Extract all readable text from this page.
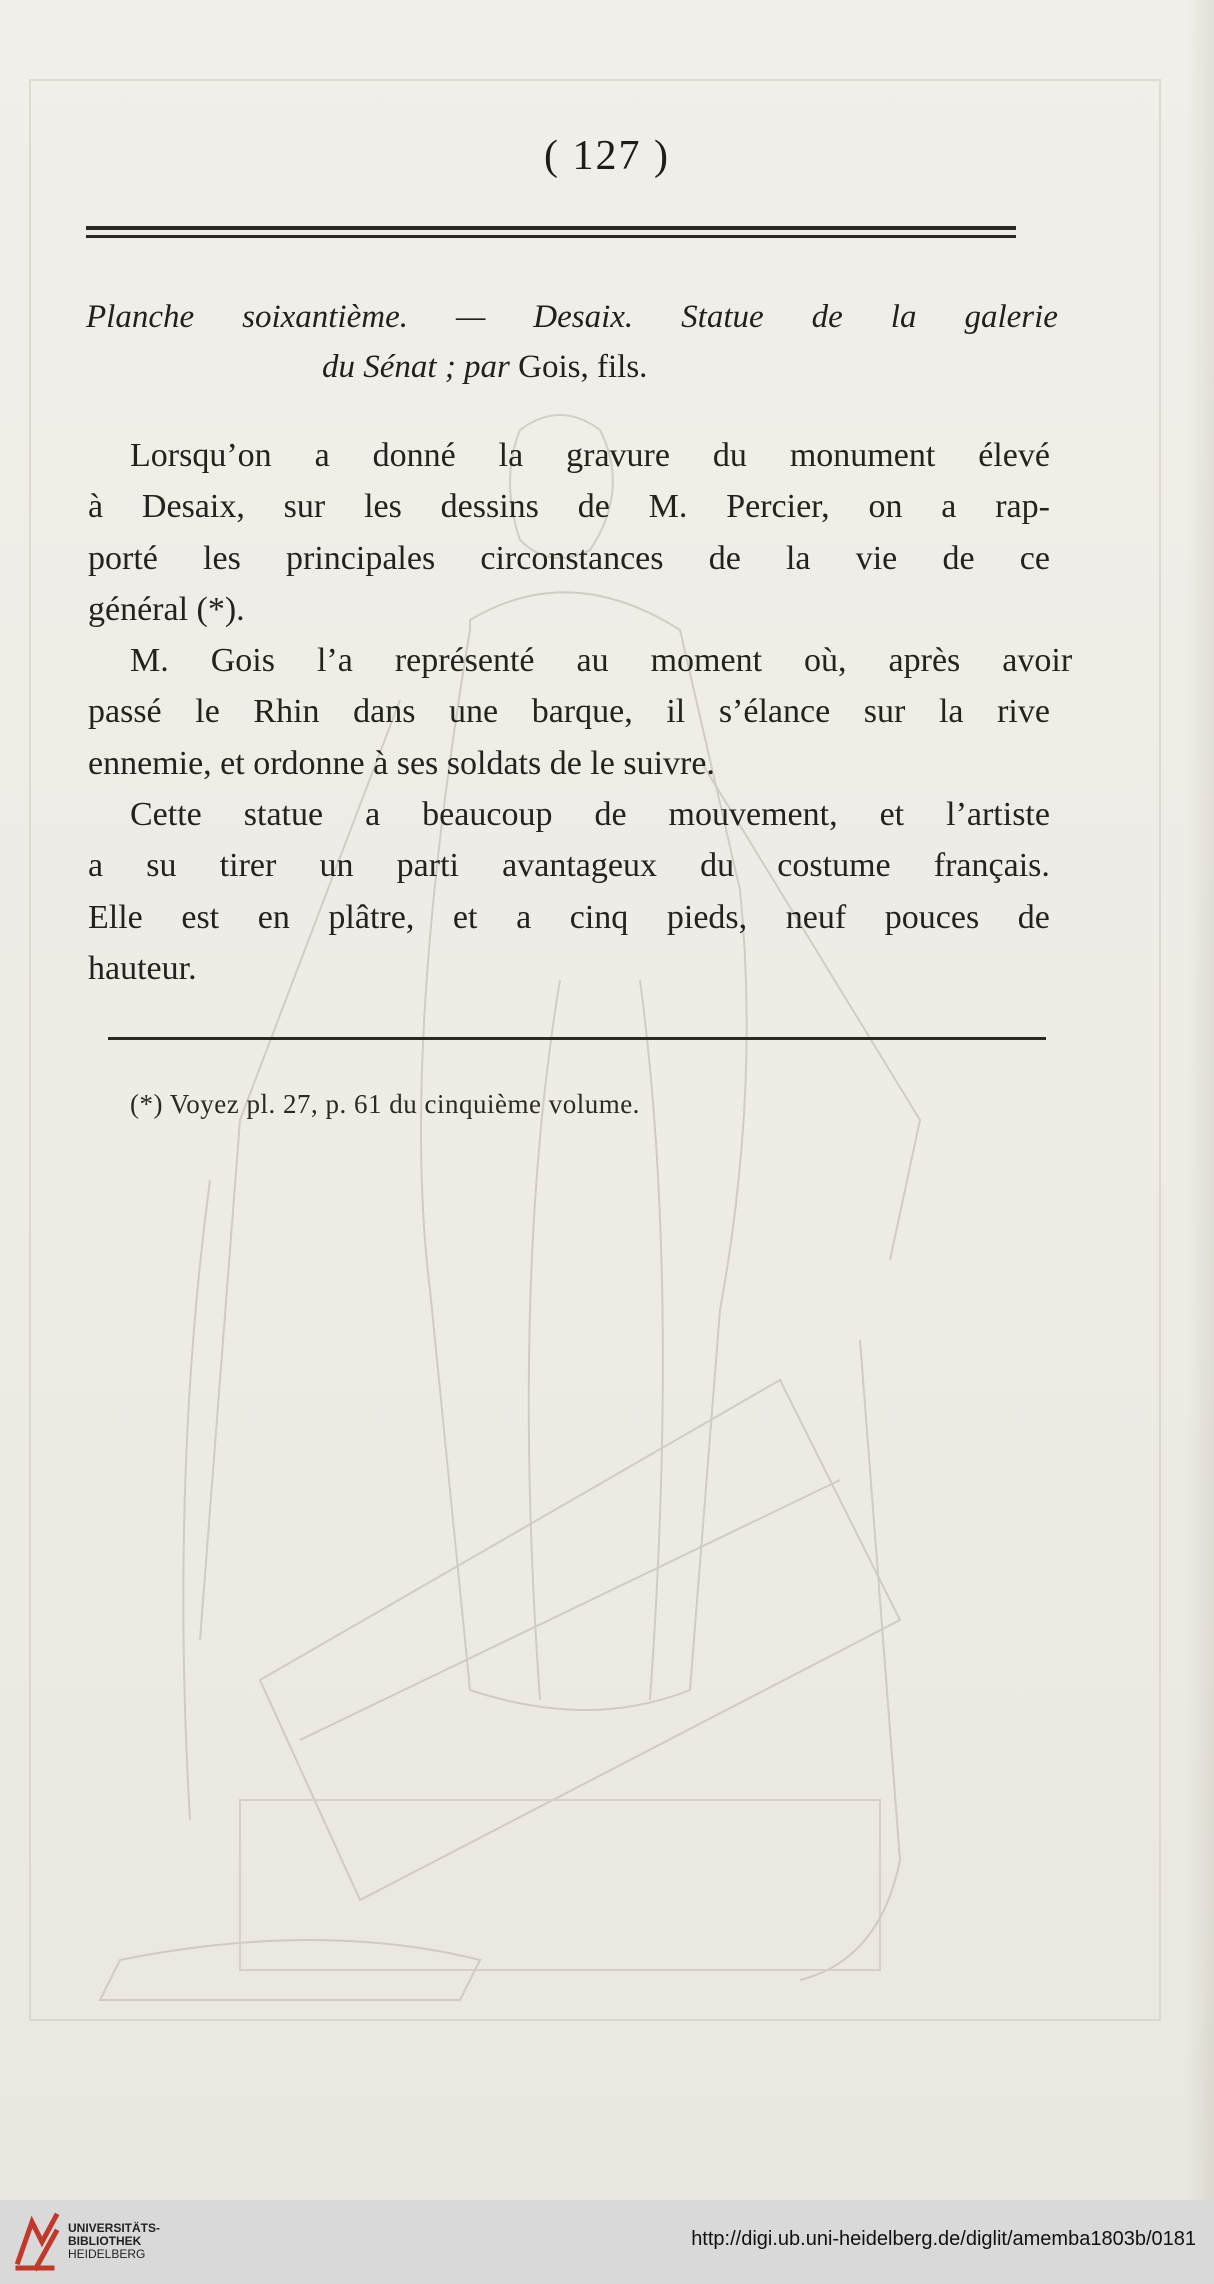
( 127 )
Planche soixantième. — Desaix. Statue de la galerie
du Sénat ; par Gois, fils.

Lorsqu’on	a	donné	la	gravure	du	monument	élevé
à Desaix, sur les dessins de M. Percier, on a rap-
porté les principales circonstances de la vie de ce
général (*).

M.	Gois	l’a	représenté	au	moment	où,	après	avoir
passé le Rhin dans une barque, il s’élance sur la rive
ennemie, et ordonne à ses soldats de le suivre.

Cette	statue	a	beaucoup	de	mouvement,	et	l’artiste
a su tirer un parti avantageux du costume français.
Elle est en plâtre, et a cinq pieds, neuf pouces de
hauteur.

(*) Voyez pl. 27, p. 61 du cinquième volume.
UNIVERSITÄTS-
BIBLIOTHEK
HEIDELBERG
http://digi.ub.uni-heidelberg.de/diglit/amemba1803b/0181
